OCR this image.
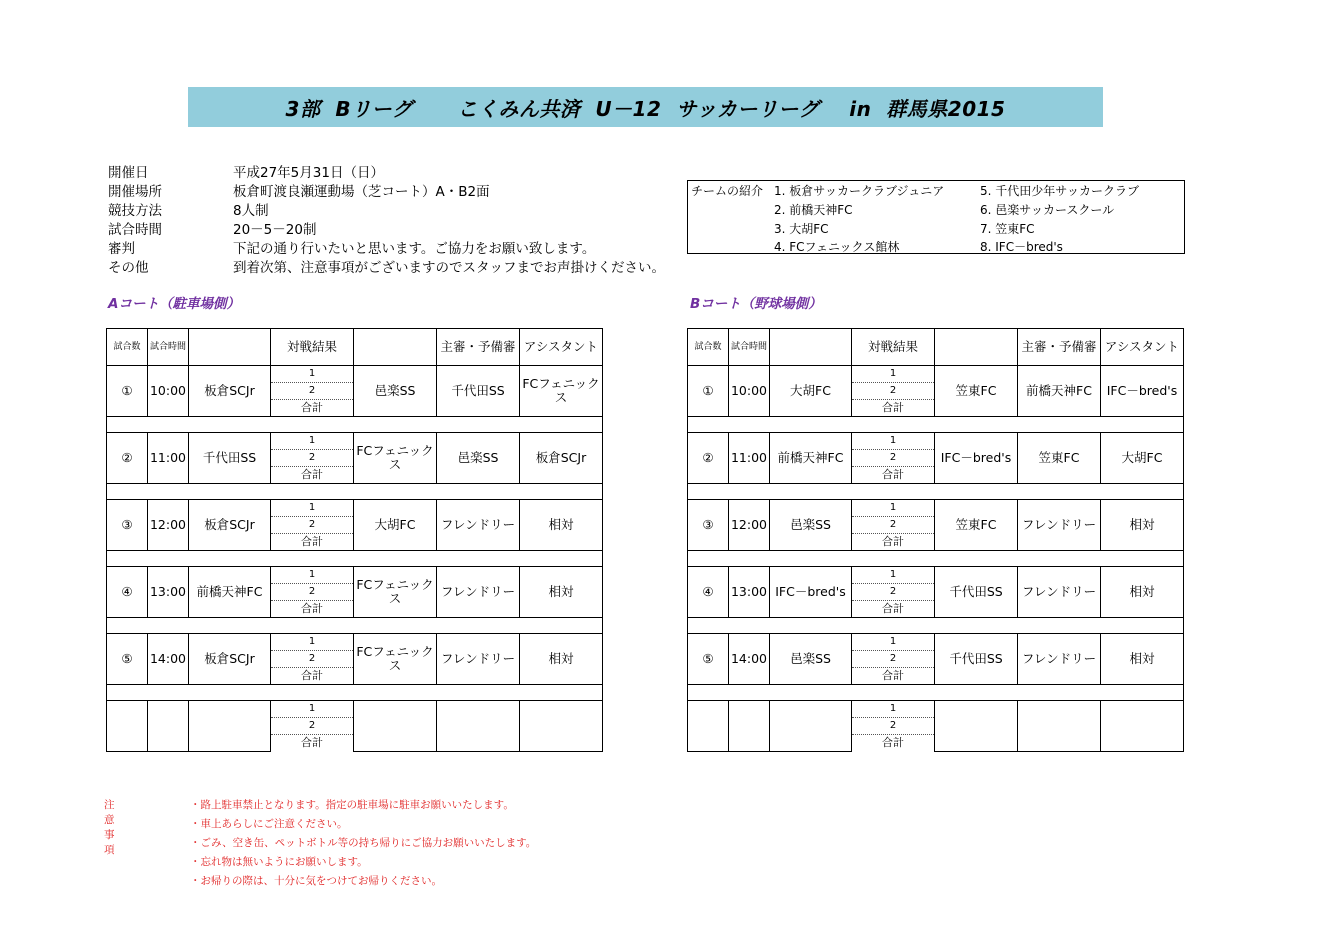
3部  Bリーグ      こくみん共済  U－12  サッカーリーグ    in  群馬県2015
開催日	平成27年5月31日（日）
開催場所	板倉町渡良瀬運動場（芝コート）A・B2面
競技方法	8人制
試合時間	20－5－20制
審判	下記の通り行いたいと思います。ご協力をお願い致します。
その他	到着次第、注意事項がございますのでスタッフまでお声掛けください。
チームの紹介 1. 板倉サッカークラブジュニア
2. 前橋天神FC
3. 大胡FC
4. FCフェニックス館林
5. 千代田少年サッカークラブ
6. 邑楽サッカースクール
7. 笠東FC
8. IFC－bred's
Aコート（駐車場側）	Bコート（野球場側）
試合数	試合時間		対戦結果		主審・予備審	アシスタント
①	10:00	板倉SCJr	1	邑楽SS	千代田SS	FCフェニックス
			2			
			合計			

②	11:00	千代田SS	1	FCフェニックス	邑楽SS	板倉SCJr
			2			
			合計			

③	12:00	板倉SCJr	1	大胡FC	フレンドリー	相対
			2			
			合計			

④	13:00	前橋天神FC	1	FCフェニックス	フレンドリー	相対
			2			
			合計			

⑤	14:00	板倉SCJr	1	FCフェニックス	フレンドリー	相対
			2			
			合計			

			1			
			2			
			合計			
試合数	試合時間		対戦結果		主審・予備審	アシスタント
①	10:00	大胡FC	1	笠東FC	前橋天神FC	IFC－bred's
			2			
			合計			

②	11:00	前橋天神FC	1	IFC－bred's	笠東FC	大胡FC
			2			
			合計			

③	12:00	邑楽SS	1	笠東FC	フレンドリー	相対
			2			
			合計			

④	13:00	IFC－bred's	1	千代田SS	フレンドリー	相対
			2			
			合計			

⑤	14:00	邑楽SS	1	千代田SS	フレンドリー	相対
			2			
			合計			

			1			
			2			
			合計			
注意事項
・路上駐車禁止となります。指定の駐車場に駐車お願いいたします。
・車上あらしにご注意ください。
・ごみ、空き缶、ペットボトル等の持ち帰りにご協力お願いいたします。
・忘れ物は無いようにお願いします。
・お帰りの際は、十分に気をつけてお帰りください。
